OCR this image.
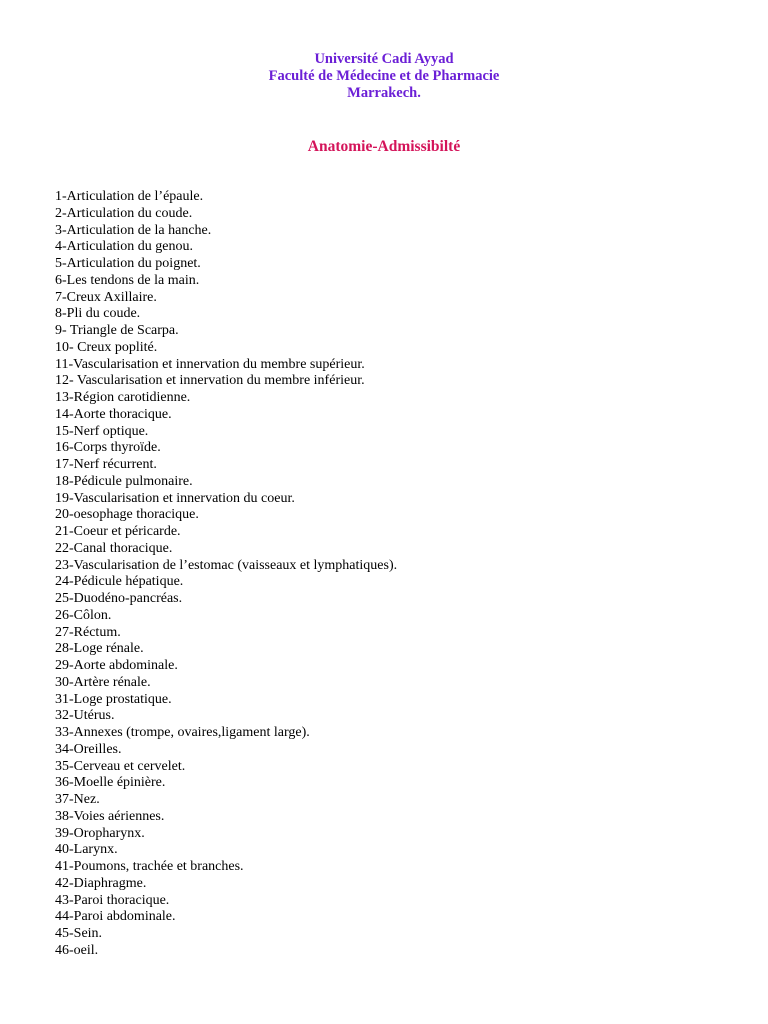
Université Cadi Ayyad
Faculté de Médecine et de Pharmacie
Marrakech.
Anatomie-Admissibilté
1-Articulation de l’épaule.
2-Articulation du coude.
3-Articulation de la hanche.
4-Articulation du genou.
5-Articulation du poignet.
6-Les tendons de la main.
7-Creux Axillaire.
8-Pli du coude.
9- Triangle de Scarpa.
10- Creux poplité.
11-Vascularisation et innervation du membre supérieur.
12- Vascularisation et innervation du membre inférieur.
13-Région carotidienne.
14-Aorte thoracique.
15-Nerf optique.
16-Corps thyroïde.
17-Nerf récurrent.
18-Pédicule pulmonaire.
19-Vascularisation et innervation du coeur.
20-oesophage thoracique.
21-Coeur et péricarde.
22-Canal thoracique.
23-Vascularisation de l’estomac (vaisseaux et lymphatiques).
24-Pédicule hépatique.
25-Duodéno-pancréas.
26-Côlon.
27-Réctum.
28-Loge rénale.
29-Aorte abdominale.
30-Artère rénale.
31-Loge prostatique.
32-Utérus.
33-Annexes (trompe, ovaires,ligament large).
34-Oreilles.
35-Cerveau et cervelet.
36-Moelle épinière.
37-Nez.
38-Voies aériennes.
39-Oropharynx.
40-Larynx.
41-Poumons, trachée et branches.
42-Diaphragme.
43-Paroi thoracique.
44-Paroi abdominale.
45-Sein.
46-oeil.
